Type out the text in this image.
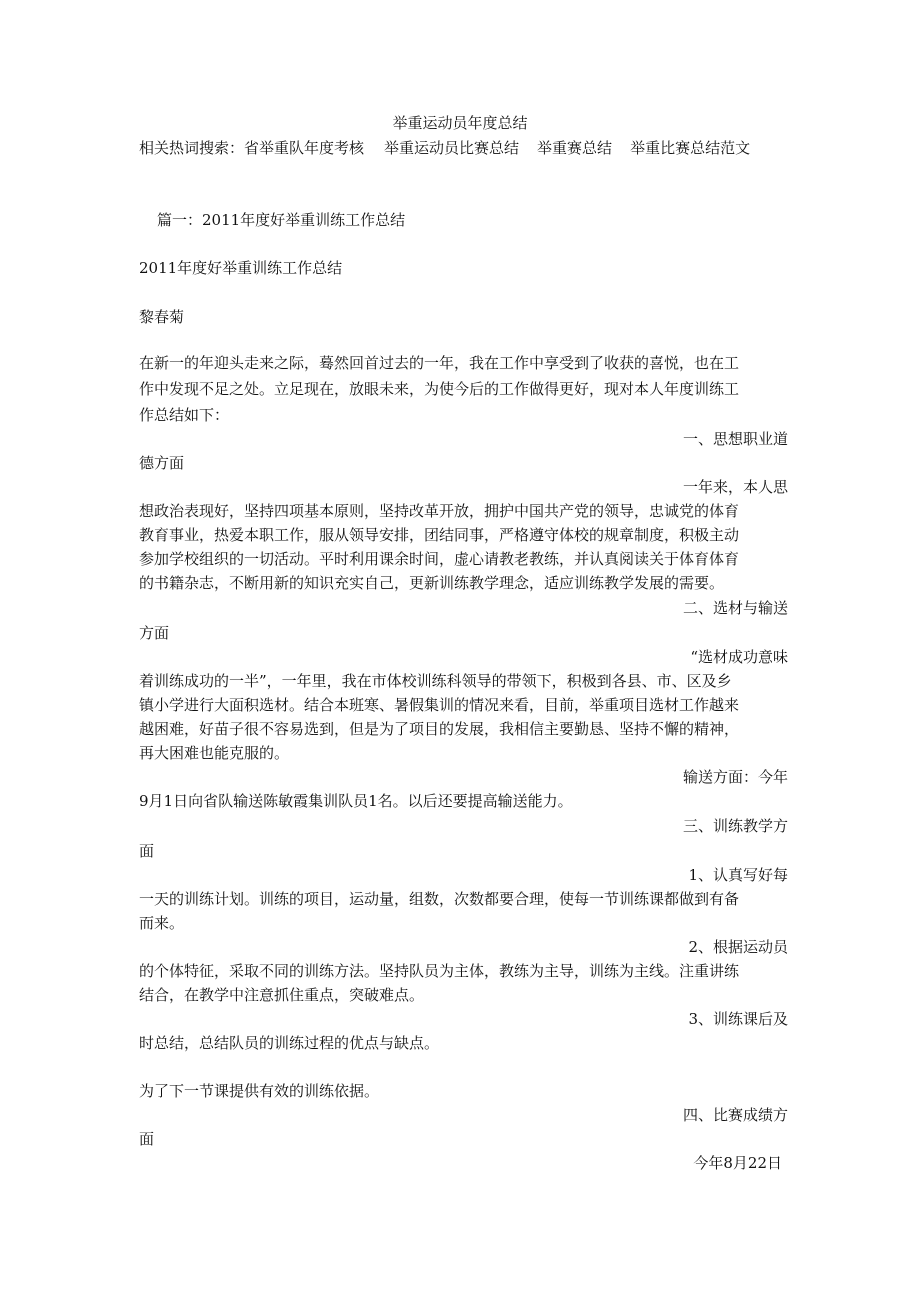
举重运动员年度总结
相关热词搜索：省举重队年度考核 举重运动员比赛总结 举重赛总结 举重比赛总结范文
篇一：2011年度好举重训练工作总结
2011年度好举重训练工作总结
黎春菊
在新一的年迎头走来之际，蓦然回首过去的一年，我在工作中享受到了收获的喜悦，也在工
作中发现不足之处。立足现在，放眼未来，为使今后的工作做得更好，现对本人年度训练工
作总结如下：
一、思想职业道
德方面
一年来，本人思
想政治表现好，坚持四项基本原则，坚持改革开放，拥护中国共产党的领导，忠诚党的体育
教育事业，热爱本职工作，服从领导安排，团结同事，严格遵守体校的规章制度，积极主动
参加学校组织的一切活动。平时利用课余时间，虚心请教老教练，并认真阅读关于体育体育
的书籍杂志，不断用新的知识充实自己，更新训练教学理念，适应训练教学发展的需要。
二、选材与输送
方面
“选材成功意味
着训练成功的一半”，一年里，我在市体校训练科领导的带领下，积极到各县、市、区及乡
镇小学进行大面积选材。结合本班寒、暑假集训的情况来看，目前，举重项目选材工作越来
越困难，好苗子很不容易选到，但是为了项目的发展，我相信主要勤恳、坚持不懈的精神，
再大困难也能克服的。
输送方面：今年
9月1日向省队输送陈敏霞集训队员1名。以后还要提高输送能力。
三、训练教学方
面
1、认真写好每
一天的训练计划。训练的项目，运动量，组数，次数都要合理，使每一节训练课都做到有备
而来。
2、根据运动员
的个体特征，采取不同的训练方法。坚持队员为主体，教练为主导，训练为主线。注重讲练
结合，在教学中注意抓住重点，突破难点。
3、训练课后及
时总结，总结队员的训练过程的优点与缺点。
为了下一节课提供有效的训练依据。
四、比赛成绩方
面
今年8月22日
